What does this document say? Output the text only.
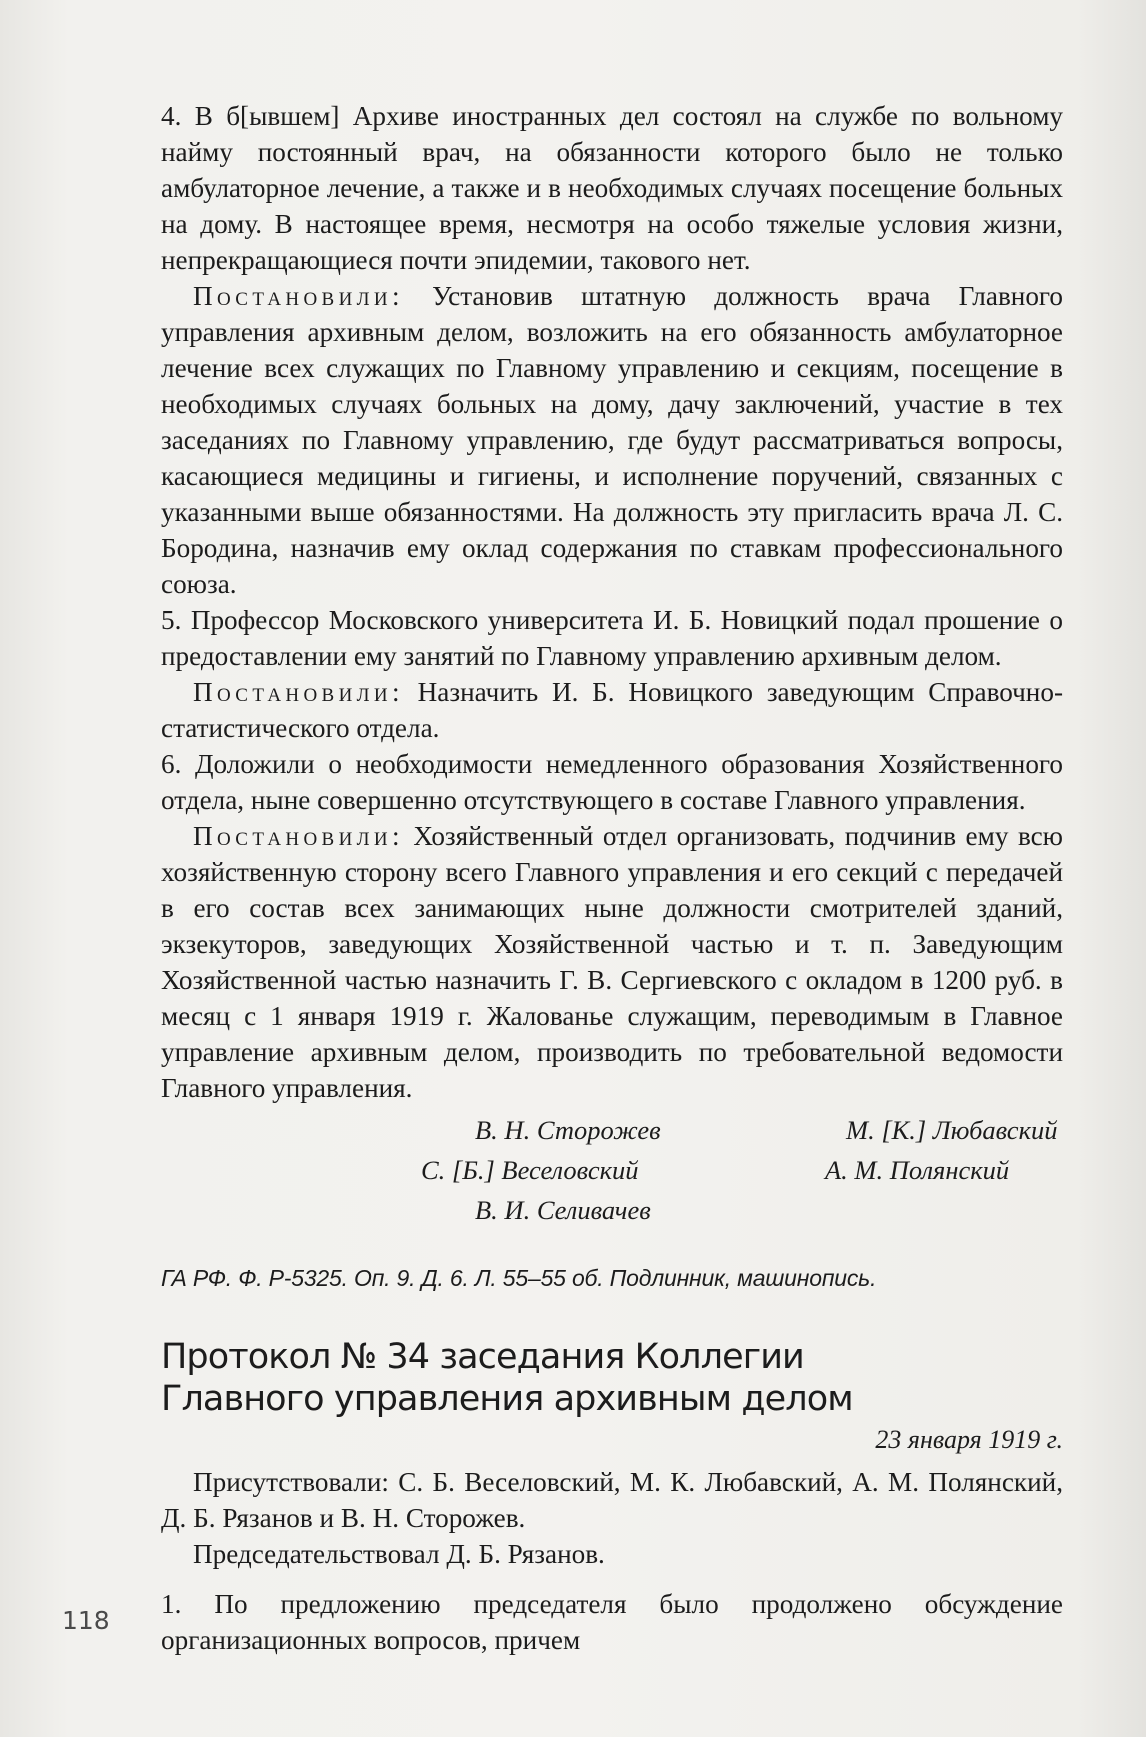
4. В б[ывшем] Архиве иностранных дел состоял на службе по вольному найму постоянный врач, на обязанности которого было не только амбулаторное лечение, а также и в необходимых случаях посещение больных на дому. В настоящее время, несмотря на особо тяжелые условия жизни, непрекращающиеся почти эпидемии, такового нет.

Постановили: Установив штатную должность врача Главного управления архивным делом, возложить на его обязанность амбулаторное лечение всех служащих по Главному управлению и секциям, посещение в необходимых случаях больных на дому, дачу заключений, участие в тех заседаниях по Главному управлению, где будут рассматриваться вопросы, касающиеся медицины и гигиены, и исполнение поручений, связанных с указанными выше обязанностями. На должность эту пригласить врача Л. С. Бородина, назначив ему оклад содержания по ставкам профессионального союза.

5. Профессор Московского университета И. Б. Новицкий подал прошение о предоставлении ему занятий по Главному управлению архивным делом.

Постановили: Назначить И. Б. Новицкого заведующим Справочно-статистического отдела.

6. Доложили о необходимости немедленного образования Хозяйственного отдела, ныне совершенно отсутствующего в составе Главного управления.

Постановили: Хозяйственный отдел организовать, подчинив ему всю хозяйственную сторону всего Главного управления и его секций с передачей в его состав всех занимающих ныне должности смотрителей зданий, экзекуторов, заведующих Хозяйственной частью и т. п. Заведующим Хозяйственной частью назначить Г. В. Сергиевского с окладом в 1200 руб. в месяц с 1 января 1919 г. Жалованье служащим, переводимым в Главное управление архивным делом, производить по требовательной ведомости Главного управления.

В. Н. Сторожев	М. [К.] Любавский
С. [Б.] Веселовский	А. М. Полянский
В. И. Селивачев
ГА РФ. Ф. Р-5325. Оп. 9. Д. 6. Л. 55–55 об. Подлинник, машинопись.
Протокол № 34 заседания Коллегии
Главного управления архивным делом
23 января 1919 г.

Присутствовали: С. Б. Веселовский, М. К. Любавский, А. М. Полянский, Д. Б. Рязанов и В. Н. Сторожев.

Председательствовал Д. Б. Рязанов.

1. По предложению председателя было продолжено обсуждение организационных вопросов, причем

118
